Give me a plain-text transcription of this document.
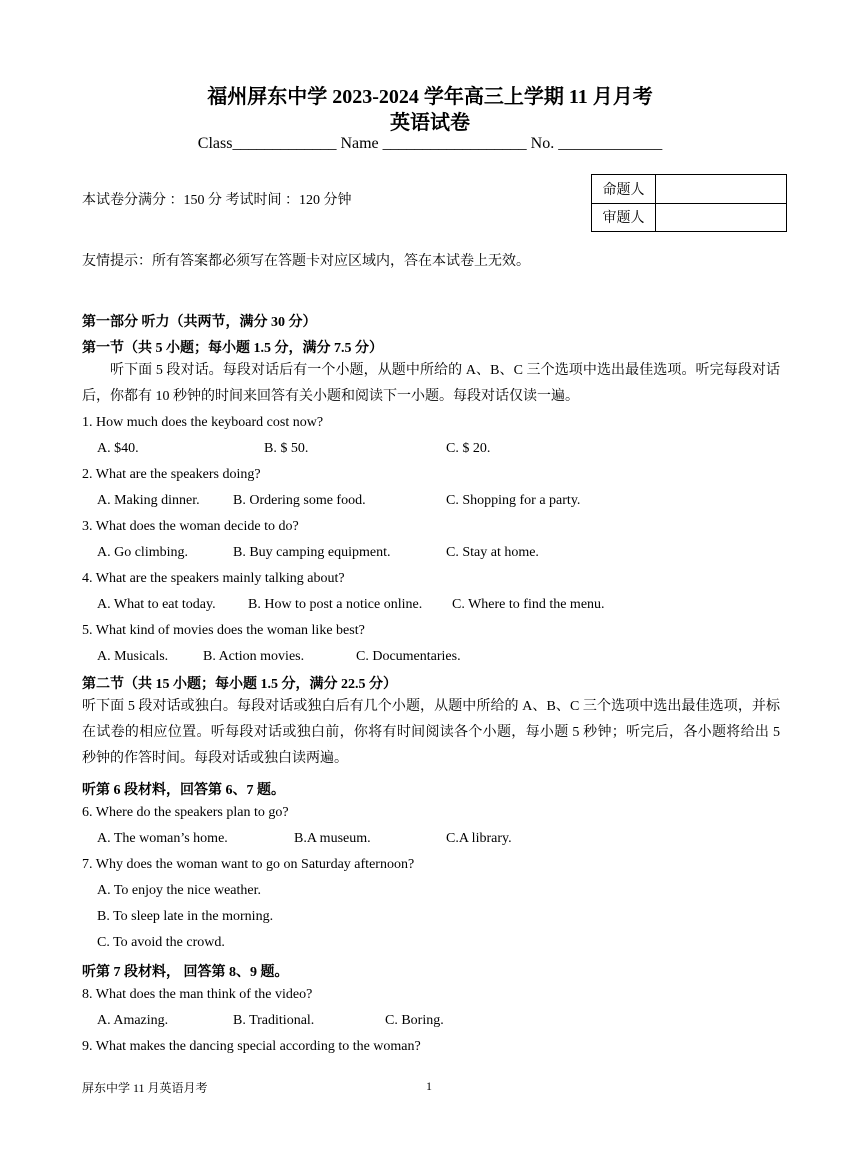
福州屏东中学 2023-2024 学年高三上学期 11 月月考
英语试卷
Class_____________ Name __________________ No. _____________
本试卷分满分 ：150 分 考试时间 ：120 分钟
命题人	
审题人	
友情提示：所有答案都必须写在答题卡对应区域内，答在本试卷上无效。
第一部分 听力（共两节，满分 30 分）
第一节（共 5 小题；每小题 1.5 分，满分 7.5 分）
听下面 5 段对话。每段对话后有一个小题，从题中所给的 A、B、C 三个选项中选出最佳选项。听完每段对话后，你都有 10 秒钟的时间来回答有关小题和阅读下一小题。每段对话仅读一遍。
1. How much does the keyboard cost now?
A. $40.	B. $ 50.	C. $ 20.
2. What are the speakers doing?
A. Making dinner. B. Ordering some food.	C. Shopping for a party.
3. What does the woman decide to do?
A. Go climbing.	B. Buy camping equipment.	C. Stay at home.
4. What are the speakers mainly talking about?
A. What to eat today. B. How to post a notice online. C. Where to find the menu.
5. What kind of movies does the woman like best?
A. Musicals. B. Action movies.	C. Documentaries.
第二节（共 15 小题；每小题 1.5 分，满分 22.5 分）
听下面 5 段对话或独白。每段对话或独白后有几个小题，从题中所给的 A、B、C 三个选项中选出最佳选项，并标在试卷的相应位置。听每段对话或独白前，你将有时间阅读各个小题，每小题 5 秒钟；听完后，各小题将给出 5 秒钟的作答时间。每段对话或独白读两遍。
听第 6 段材料，回答第 6、7 题。
6. Where do the speakers plan to go?
A. The woman’s home.	B.A museum.	C.A library.
7. Why does the woman want to go on Saturday afternoon?
A. To enjoy the nice weather.
B. To sleep late in the morning.
C. To avoid the crowd.
听第 7 段材料， 回答第 8、9 题。
8. What does the man think of the video?
A. Amazing.	B. Traditional.	C. Boring.
9. What makes the dancing special according to the woman?
屏东中学 11 月英语月考	1
